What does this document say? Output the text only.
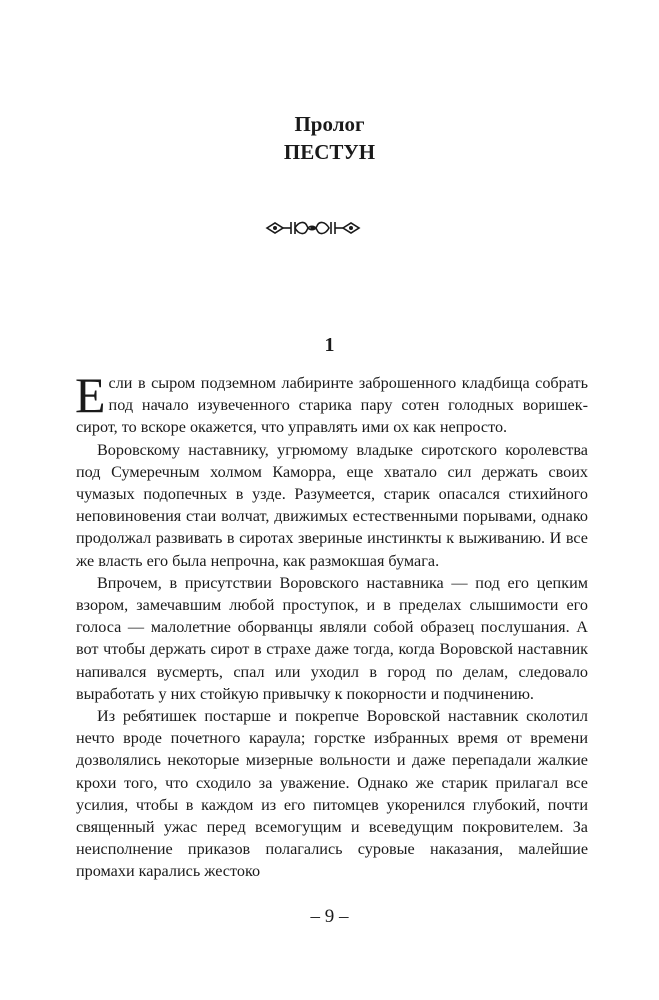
Пролог
ПЕСТУН
1

Если в сыром подземном лабиринте заброшенного кладбища собрать под начало изувеченного старика пару сотен голодных воришек-сирот, то вскоре окажется, что управлять ими ох как непросто.

Воровскому наставнику, угрюмому владыке сиротского королевства под Сумеречным холмом Каморра, еще хватало сил держать своих чумазых подопечных в узде. Разумеется, старик опасался стихийного неповиновения стаи волчат, движимых естественными порывами, однако продолжал развивать в сиротах звериные инстинкты к выживанию. И все же власть его была непрочна, как размокшая бумага.

Впрочем, в присутствии Воровского наставника — под его цепким взором, замечавшим любой проступок, и в пределах слышимости его голоса — малолетние оборванцы являли собой образец послушания. А вот чтобы держать сирот в страхе даже тогда, когда Воровской наставник напивался вусмерть, спал или уходил в город по делам, следовало выработать у них стойкую привычку к покорности и подчинению.

Из ребятишек постарше и покрепче Воровской наставник сколотил нечто вроде почетного караула; горстке избранных время от времени дозволялись некоторые мизерные вольности и даже перепадали жалкие крохи того, что сходило за уважение. Однако же старик прилагал все усилия, чтобы в каждом из его питомцев укоренился глубокий, почти священный ужас перед всемогущим и всеведущим покровителем. За неисполнение приказов полагались суровые наказания, малейшие промахи карались жестоко

– 9 –
